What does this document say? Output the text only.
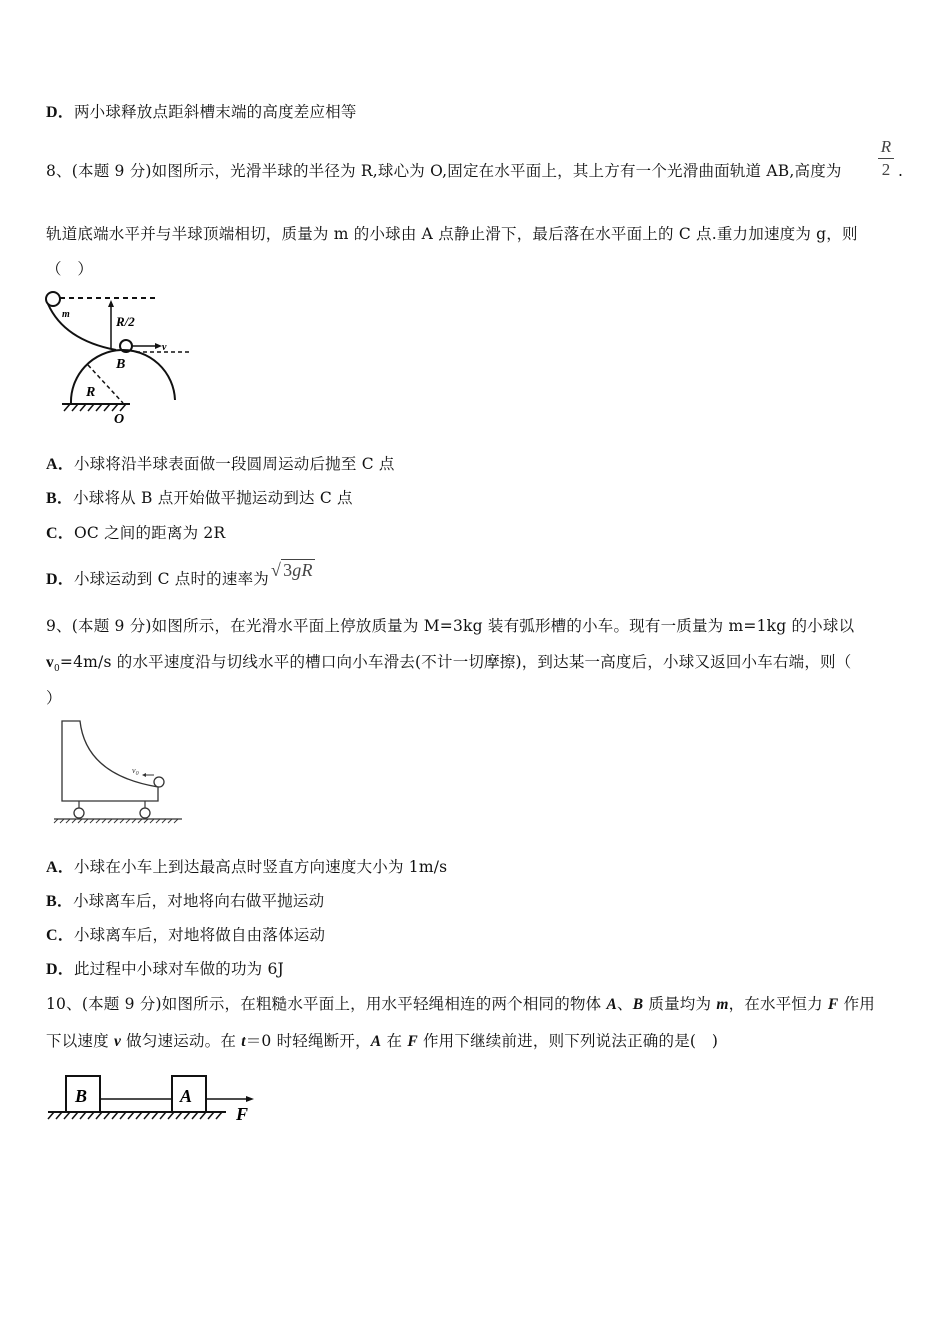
D．两小球释放点距斜槽末端的高度差应相等
8、(本题 9 分)如图所示，光滑半球的半径为 R,球心为 O,固定在水平面上，其上方有一个光滑曲面轨道 AB,高度为
R
2 .
轨道底端水平并与半球顶端相切，质量为 m 的小球由 A 点静止滑下，最后落在水平面上的 C 点.重力加速度为 g，则
（　）
m	R/2
v
B
R
O
A．小球将沿半球表面做一段圆周运动后抛至 C 点
B．小球将从 B 点开始做平抛运动到达 C 点
C．OC 之间的距离为 2R
D．小球运动到 C 点时的速率为 √ 3gR
9、(本题 9 分)如图所示，在光滑水平面上停放质量为 M=3kg 装有弧形槽的小车。现有一质量为 m=1kg 的小球以
$v_0=4m/s$ 的水平速度沿与切线水平的槽口向小车滑去(不计一切摩擦)，到达某一高度后，小球又返回小车右端，则（
）
$v_0$
A．小球在小车上到达最高点时竖直方向速度大小为 1m/s
B．小球离车后，对地将向右做平抛运动
C．小球离车后，对地将做自由落体运动
D．此过程中小球对车做的功为 6J
10、(本题 9 分)如图所示，在粗糙水平面上，用水平轻绳相连的两个相同的物体 A、B 质量均为 m，在水平恒力 F 作用
下以速度 v 做匀速运动。在 t＝0 时轻绳断开，A 在 F 作用下继续前进，则下列说法正确的是(　)
B	A
F
